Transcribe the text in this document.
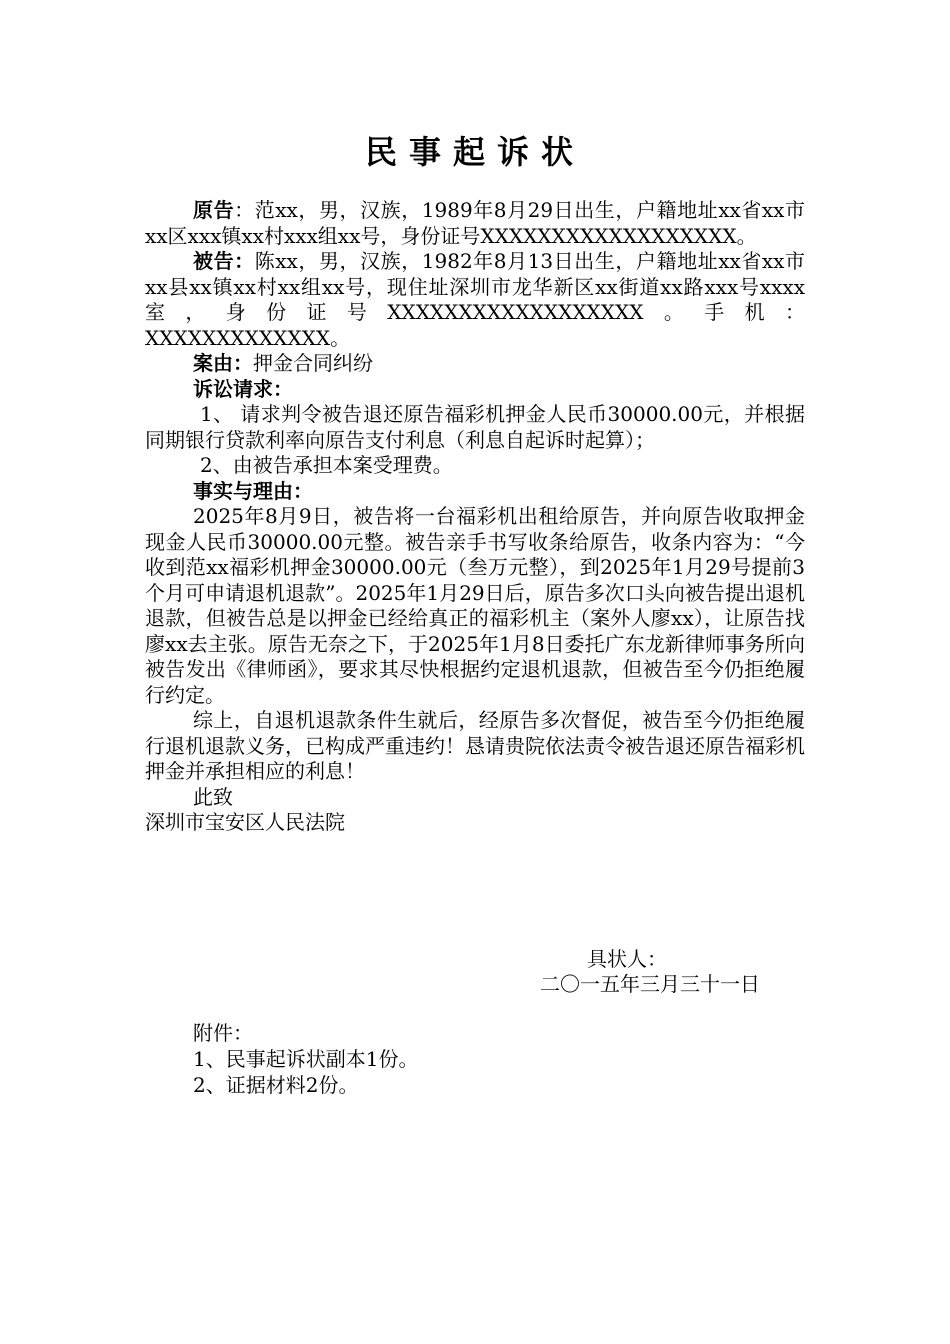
民事起诉状

原告：范xx，男，汉族，1989年8月29日出生，户籍地址xx省xx市xx区xxx镇xx村xxx组xx号，身份证号XXXXXXXXXXXXXXXXXX。

被告：陈xx，男，汉族，1982年8月13日出生，户籍地址xx省xx市xx县xx镇xx村xx组xx号，现住址深圳市龙华新区xx街道xx路xxx号xxxx室，身份证号XXXXXXXXXXXXXXXXXX。手机：XXXXXXXXXXXXX。

案由：押金合同纠纷

诉讼请求：

1、 请求判令被告退还原告福彩机押金人民币30000.00元，并根据同期银行贷款利率向原告支付利息（利息自起诉时起算）；

2、由被告承担本案受理费。

事实与理由：

2025年8月9日，被告将一台福彩机出租给原告，并向原告收取押金现金人民币30000.00元整。被告亲手书写收条给原告，收条内容为：“今收到范xx福彩机押金30000.00元（叁万元整），到2025年1月29号提前3个月可申请退机退款”。2025年1月29日后，原告多次口头向被告提出退机退款，但被告总是以押金已经给真正的福彩机主（案外人廖xx），让原告找廖xx去主张。原告无奈之下，于2025年1月8日委托广东龙新律师事务所向被告发出《律师函》，要求其尽快根据约定退机退款，但被告至今仍拒绝履行约定。

综上，自退机退款条件生就后，经原告多次督促，被告至今仍拒绝履行退机退款义务，已构成严重违约！恳请贵院依法责令被告退还原告福彩机押金并承担相应的利息！

此致

深圳市宝安区人民法院

具状人：
二〇一五年三月三十一日
附件：
1、民事起诉状副本1份。
2、证据材料2份。
